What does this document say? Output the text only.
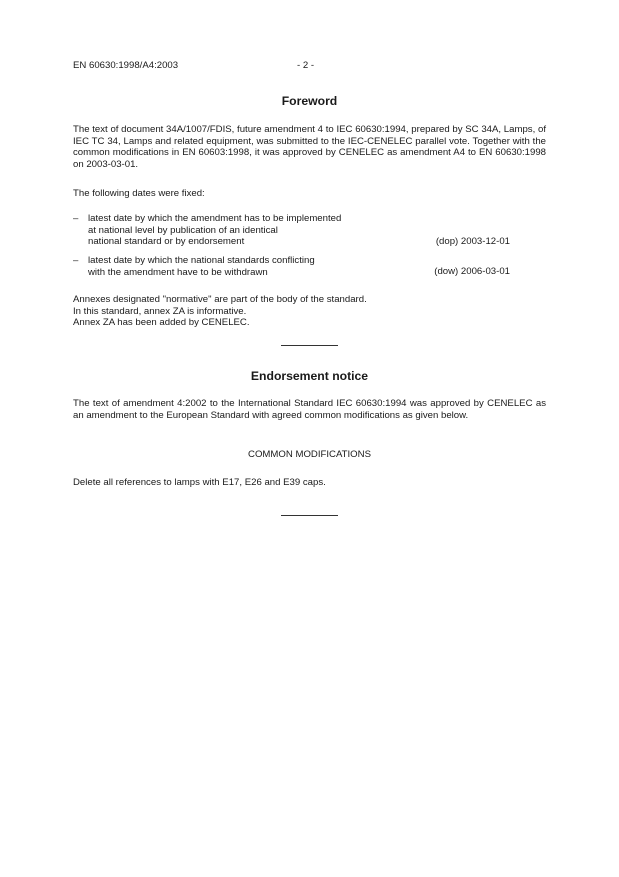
EN 60630:1998/A4:2003	- 2 -
Foreword
The text of document 34A/1007/FDIS, future amendment 4 to IEC 60630:1994, prepared by SC 34A, Lamps, of IEC TC 34, Lamps and related equipment, was submitted to the IEC-CENELEC parallel vote. Together with the common modifications in EN 60603:1998, it was approved by CENELEC as amendment A4 to EN 60630:1998 on 2003-03-01.
The following dates were fixed:
– latest date by which the amendment has to be implemented
at national level by publication of an identical
national standard or by endorsement	(dop) 2003-12-01
– latest date by which the national standards conflicting
with the amendment have to be withdrawn	(dow) 2006-03-01
Annexes designated "normative" are part of the body of the standard.
In this standard, annex ZA is informative.
Annex ZA has been added by CENELEC.
Endorsement notice
The text of amendment 4:2002 to the International Standard IEC 60630:1994 was approved by CENELEC as an amendment to the European Standard with agreed common modifications as given below.
COMMON MODIFICATIONS
Delete all references to lamps with E17, E26 and E39 caps.
